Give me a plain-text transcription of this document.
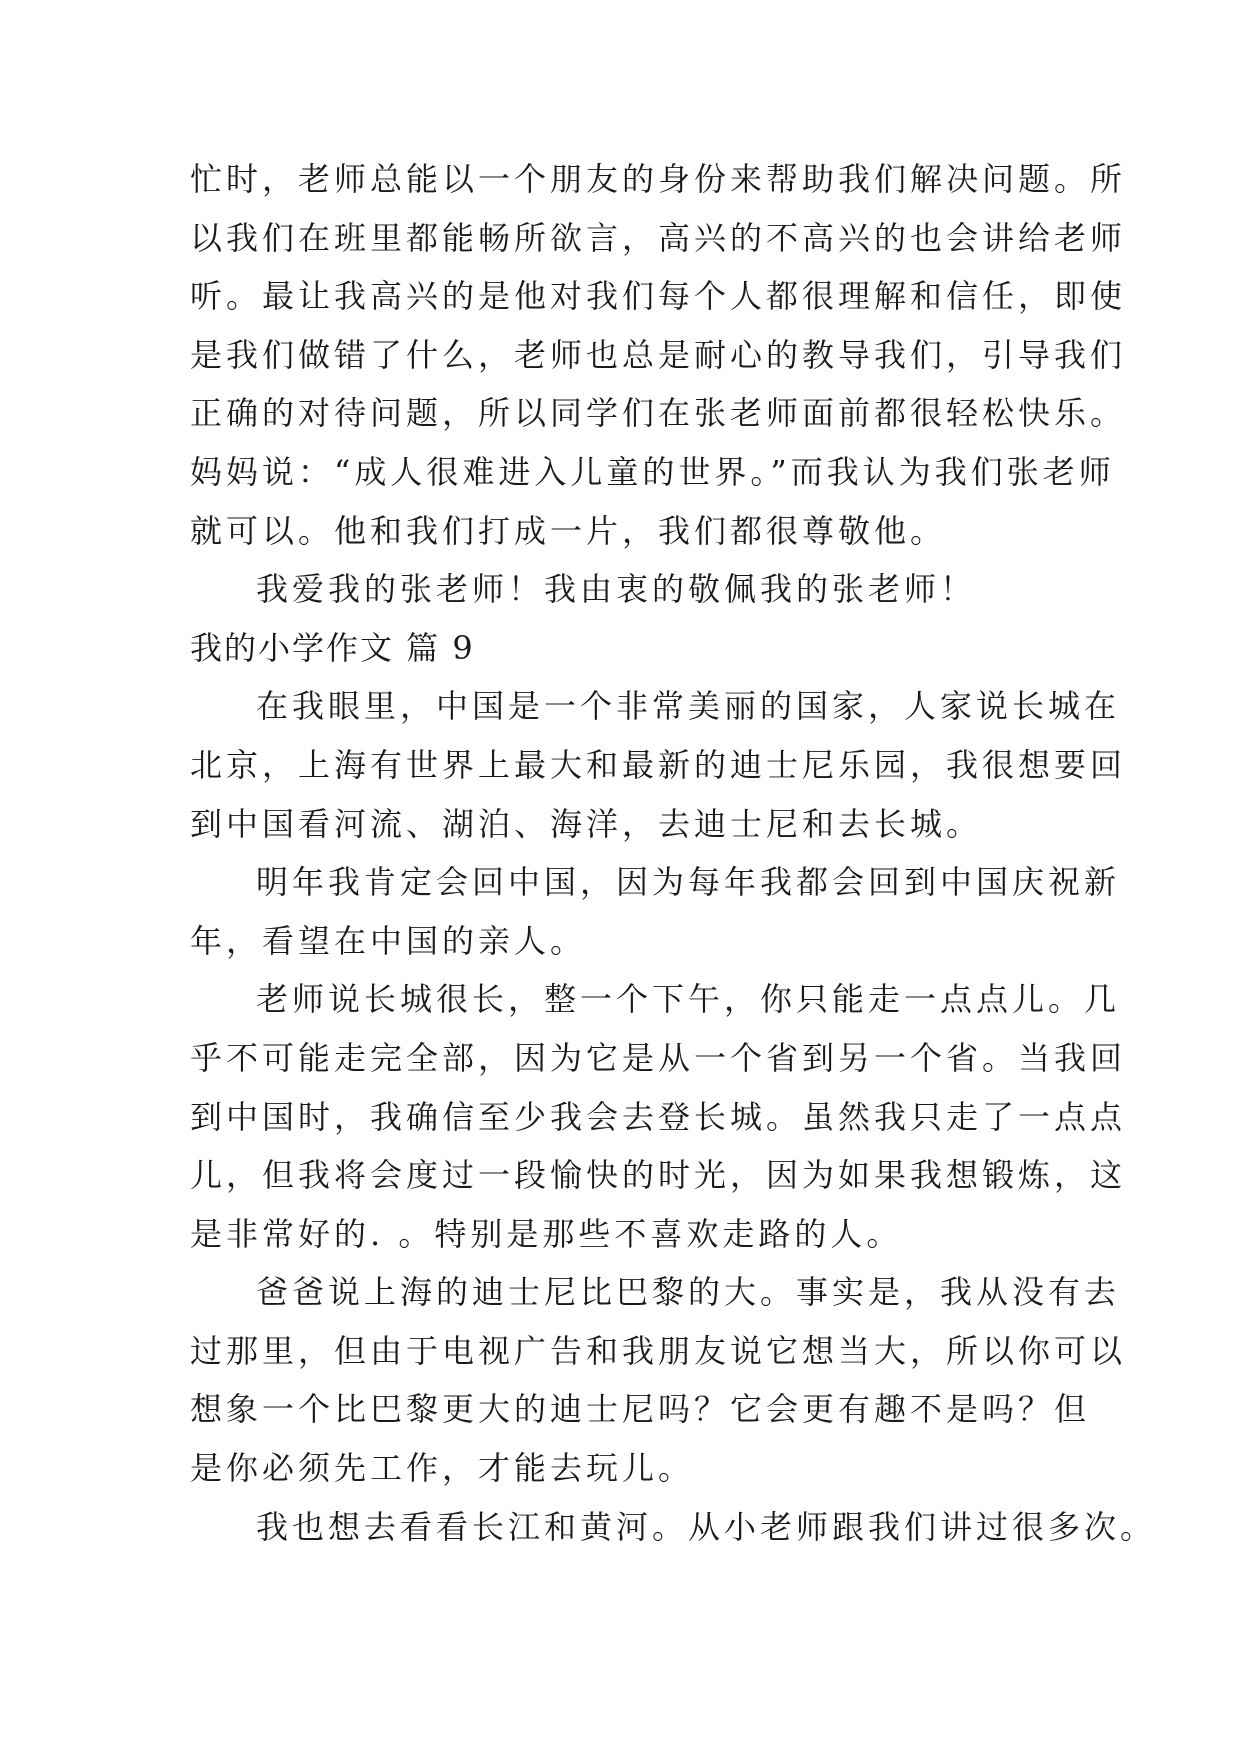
忙时，老师总能以一个朋友的身份来帮助我们解决问题。所
以我们在班里都能畅所欲言，高兴的不高兴的也会讲给老师
听。最让我高兴的是他对我们每个人都很理解和信任，即使
是我们做错了什么，老师也总是耐心的教导我们，引导我们
正确的对待问题，所以同学们在张老师面前都很轻松快乐。
妈妈说：“成人很难进入儿童的世界。”而我认为我们张老师
就可以。他和我们打成一片，我们都很尊敬他。
我爱我的张老师！我由衷的敬佩我的张老师！
我的小学作文 篇 9
在我眼里，中国是一个非常美丽的国家，人家说长城在
北京，上海有世界上最大和最新的迪士尼乐园，我很想要回
到中国看河流、湖泊、海洋，去迪士尼和去长城。
明年我肯定会回中国，因为每年我都会回到中国庆祝新
年，看望在中国的亲人。
老师说长城很长，整一个下午，你只能走一点点儿。几
乎不可能走完全部，因为它是从一个省到另一个省。当我回
到中国时，我确信至少我会去登长城。虽然我只走了一点点
儿，但我将会度过一段愉快的时光，因为如果我想锻炼，这
是非常好的. 。特别是那些不喜欢走路的人。
爸爸说上海的迪士尼比巴黎的大。事实是，我从没有去
过那里，但由于电视广告和我朋友说它想当大，所以你可以
想象一个比巴黎更大的迪士尼吗？它会更有趣不是吗？但
是你必须先工作，才能去玩儿。
我也想去看看长江和黄河。从小老师跟我们讲过很多次。
